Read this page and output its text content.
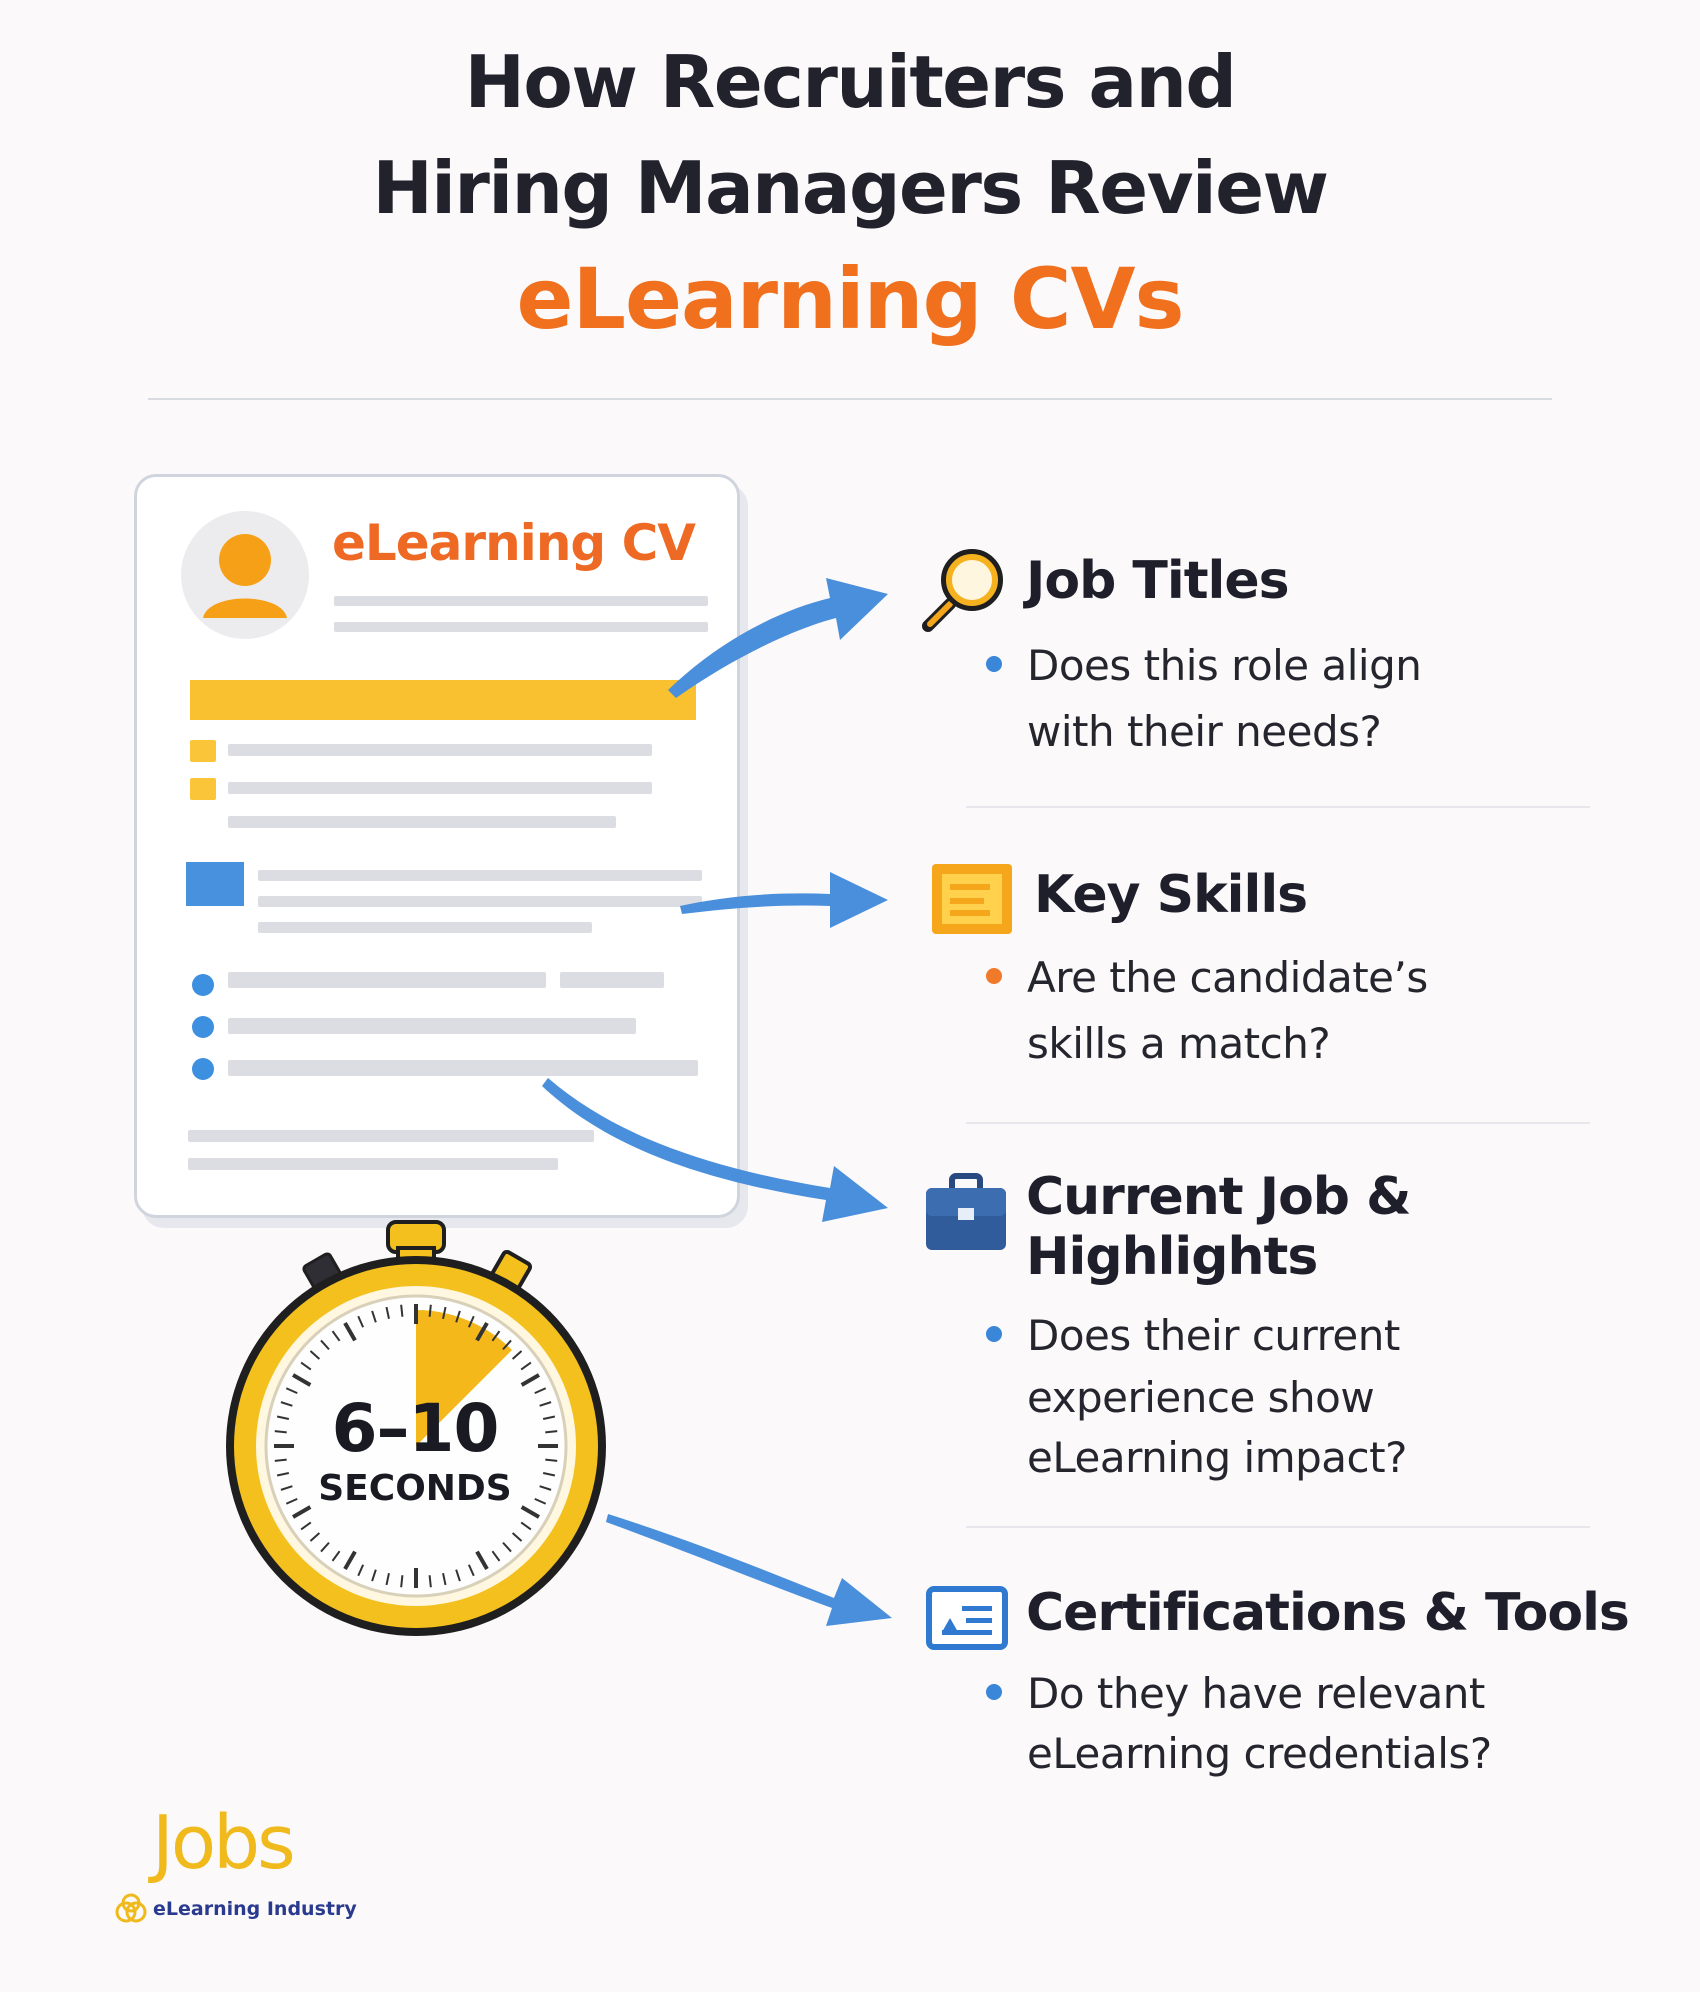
How Recruiters and
Hiring Managers Review
eLearning CVs
eLearning CV
6–10
SECONDS
Job Titles
Does this role align
with their needs?
Key Skills
Are the candidate’s
skills a match?
Current Job &
Highlights
Does their current
experience show
eLearning impact?
Certifications & Tools
Do they have relevant
eLearning credentials?
Jobs
eLearning Industry
